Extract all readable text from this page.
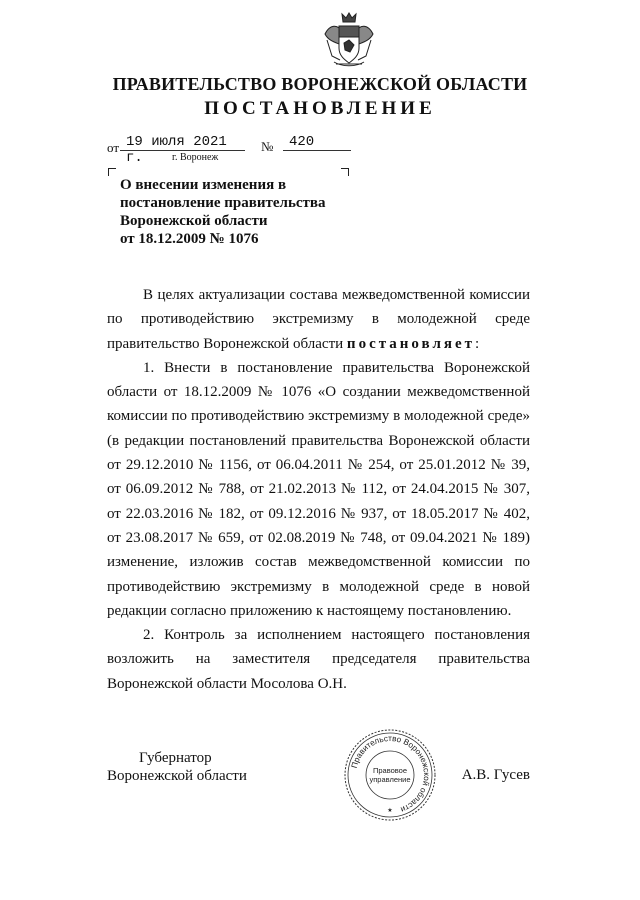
ПРАВИТЕЛЬСТВО ВОРОНЕЖСКОЙ ОБЛАСТИ
ПОСТАНОВЛЕНИЕ
от 19 июля 2021 г.
№	420
г. Воронеж
О внесении изменения в
постановление правительства
Воронежской области
от 18.12.2009 № 1076

В целях актуализации состава межведомственной комиссии по противодействию экстремизму в молодежной среде правительство Воронежской области постановляет:

1. Внести в постановление правительства Воронежской области от 18.12.2009 № 1076 «О создании межведомственной комиссии по противодействию экстремизму в молодежной среде» (в редакции постановлений правительства Воронежской области от 29.12.2010 № 1156, от 06.04.2011 № 254, от 25.01.2012 № 39, от 06.09.2012 № 788, от 21.02.2013 № 112, от 24.04.2015 № 307, от 22.03.2016 № 182, от 09.12.2016 № 937, от 18.05.2017 № 402, от 23.08.2017 № 659, от 02.08.2019 № 748, от 09.04.2021 № 189) изменение, изложив состав межведомственной комиссии по противодействию экстремизму в молодежной среде в новой редакции согласно приложению к настоящему постановлению.

2. Контроль за исполнением настоящего постановления возложить на заместителя председателя правительства Воронежской области Мосолова О.Н.

Губернатор
Воронежской области	А.В. Гусев
Правительство Воронежской области
Правовое
управление
★
